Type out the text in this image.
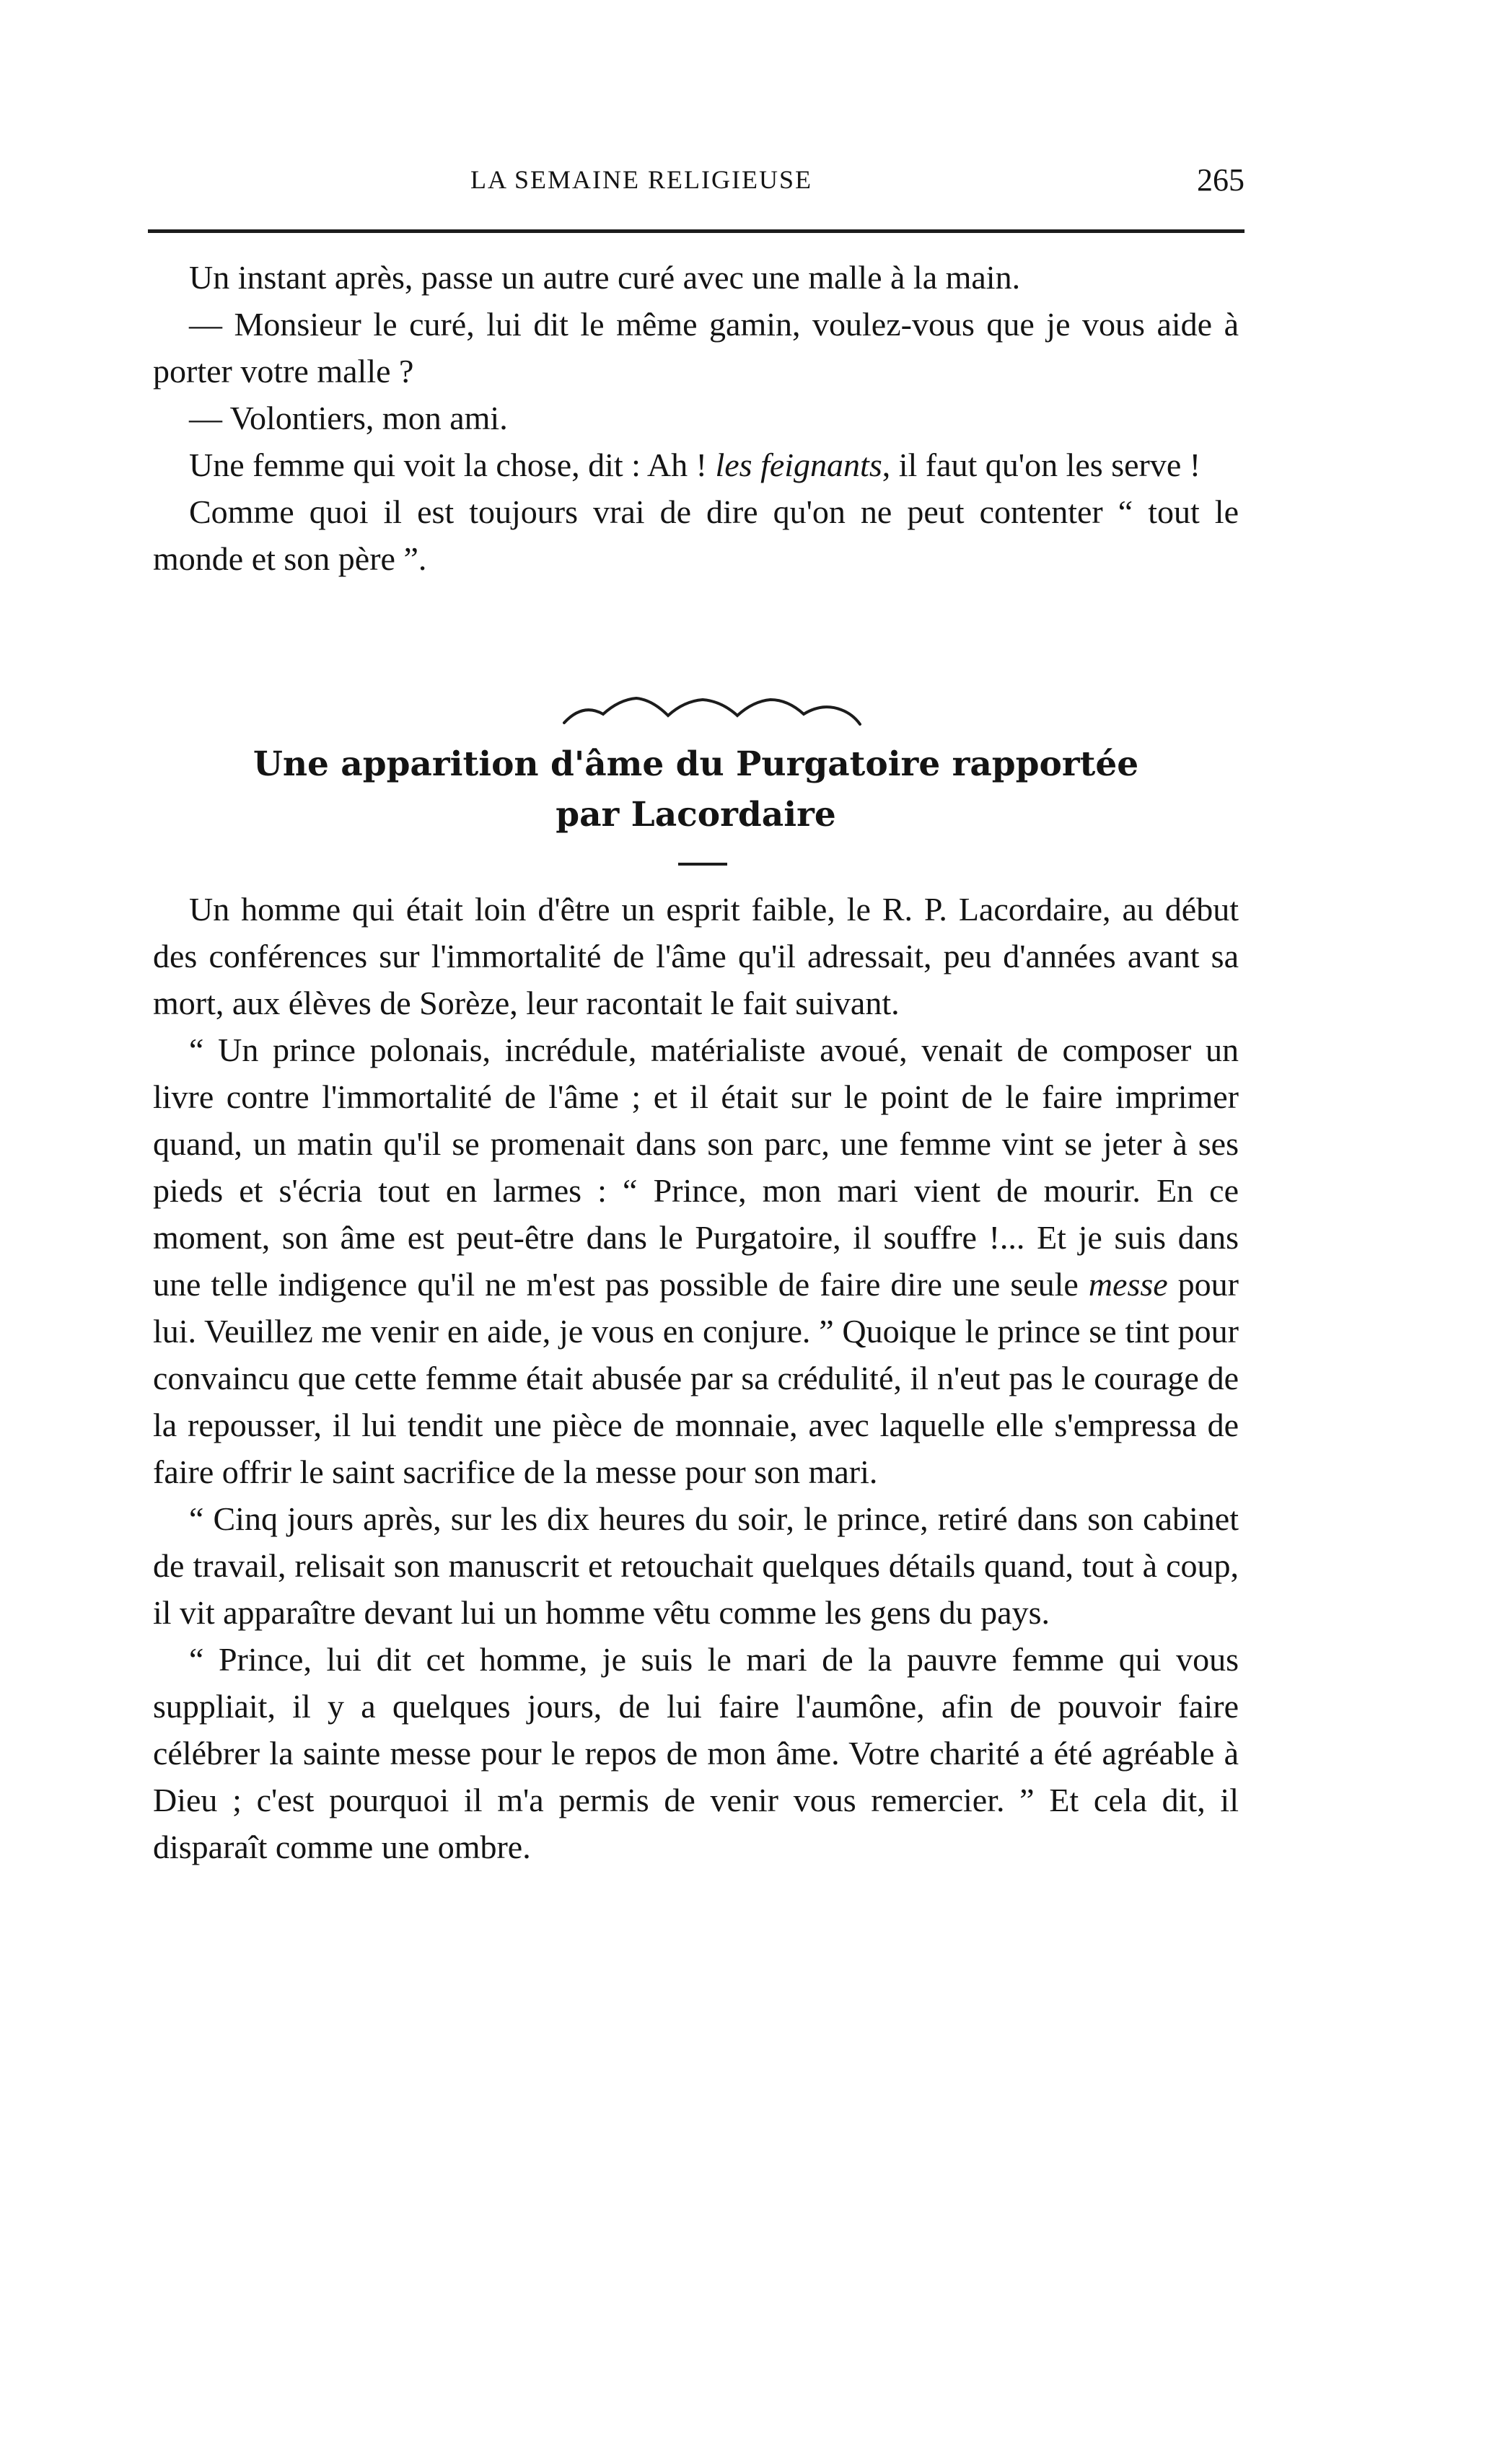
LA SEMAINE RELIGIEUSE	265

Un instant après, passe un autre curé avec une malle à la main.

— Monsieur le curé, lui dit le même gamin, voulez-vous que je vous aide à porter votre malle ?

— Volontiers, mon ami.

Une femme qui voit la chose, dit : Ah ! les feignants, il faut qu'on les serve !

Comme quoi il est toujours vrai de dire qu'on ne peut contenter “ tout le monde et son père ”.

Une apparition d'âme du Purgatoire rapportée
par Lacordaire

Un homme qui était loin d'être un esprit faible, le R. P. Lacordaire, au début des conférences sur l'immortalité de l'âme qu'il adressait, peu d'années avant sa mort, aux élèves de Sorèze, leur racontait le fait suivant.

“ Un prince polonais, incrédule, matérialiste avoué, venait de composer un livre contre l'immortalité de l'âme ; et il était sur le point de le faire imprimer quand, un matin qu'il se promenait dans son parc, une femme vint se jeter à ses pieds et s'écria tout en larmes : “ Prince, mon mari vient de mourir. En ce moment, son âme est peut-être dans le Purgatoire, il souffre !... Et je suis dans une telle indigence qu'il ne m'est pas possible de faire dire une seule messe pour lui. Veuillez me venir en aide, je vous en conjure. ” Quoique le prince se tint pour convaincu que cette femme était abusée par sa crédulité, il n'eut pas le courage de la repousser, il lui tendit une pièce de monnaie, avec laquelle elle s'empressa de faire offrir le saint sacrifice de la messe pour son mari.

“ Cinq jours après, sur les dix heures du soir, le prince, retiré dans son cabinet de travail, relisait son manuscrit et retouchait quelques détails quand, tout à coup, il vit apparaître devant lui un homme vêtu comme les gens du pays.

“ Prince, lui dit cet homme, je suis le mari de la pauvre femme qui vous suppliait, il y a quelques jours, de lui faire l'aumône, afin de pouvoir faire célébrer la sainte messe pour le repos de mon âme. Votre charité a été agréable à Dieu ; c'est pourquoi il m'a permis de venir vous remercier. ” Et cela dit, il disparaît comme une ombre.
